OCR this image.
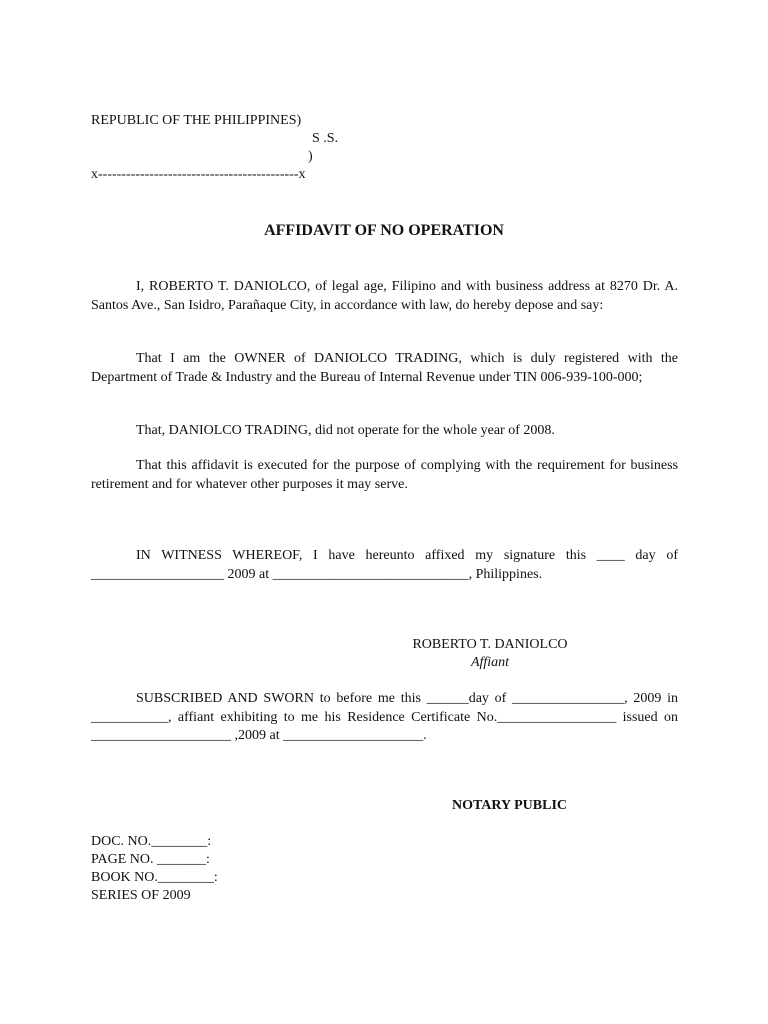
REPUBLIC OF THE PHILIPPINES)
S .S.
)
x-------------------------------------------x
AFFIDAVIT OF NO OPERATION
I, ROBERTO T. DANIOLCO, of legal age, Filipino and with business address at 8270 Dr. A. Santos Ave., San Isidro, Parañaque City, in accordance with law, do hereby depose and say:
That I am the OWNER of DANIOLCO TRADING, which is duly registered with the Department of Trade & Industry and the Bureau of Internal Revenue under TIN 006-939-100-000;
That, DANIOLCO TRADING, did not operate for the whole year of 2008.
That this affidavit is executed for the purpose of complying with the requirement for business retirement and for whatever other purposes it may serve.
IN WITNESS WHEREOF, I have hereunto affixed my signature this ____ day of ___________________ 2009 at ____________________________, Philippines.
ROBERTO T. DANIOLCO
Affiant
SUBSCRIBED AND SWORN to before me this ______day of ________________, 2009 in ___________, affiant exhibiting to me his Residence Certificate No._________________ issued on ____________________ ,2009 at ____________________.
NOTARY PUBLIC
DOC. NO.________:
PAGE NO. _______:
BOOK NO.________:
SERIES OF 2009
